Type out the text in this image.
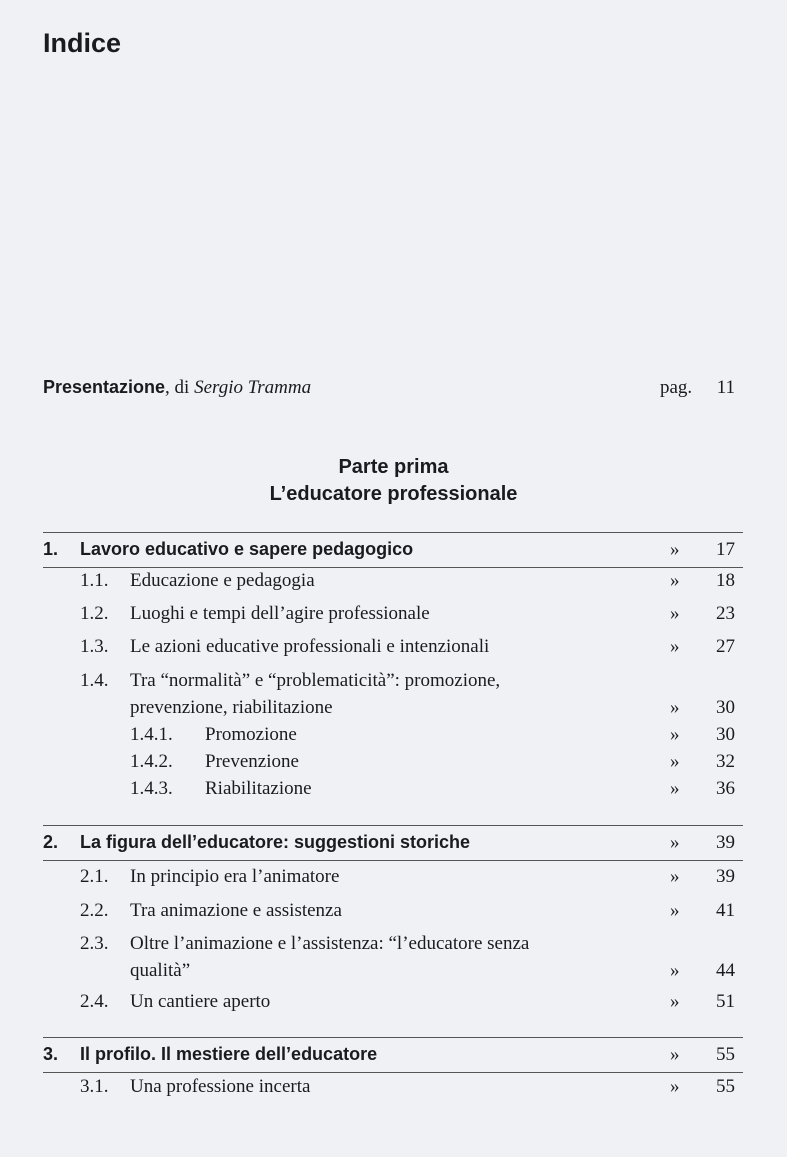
Indice
Presentazione, di Sergio Tramma	pag. 11
Parte prima
L’educatore professionale
1. Lavoro educativo e sapere pedagogico	» 17
1.1. Educazione e pedagogia	» 18
1.2. Luoghi e tempi dell’agire professionale	» 23
1.3. Le azioni educative professionali e intenzionali	» 27
1.4. Tra “normalità” e “problematicità”: promozione,
prevenzione, riabilitazione	» 30
1.4.1. Promozione	» 30
1.4.2. Prevenzione	» 32
1.4.3. Riabilitazione	» 36
2. La figura dell’educatore: suggestioni storiche	» 39
2.1. In principio era l’animatore	» 39
2.2. Tra animazione e assistenza	» 41
2.3. Oltre l’animazione e l’assistenza: “l’educatore senza
qualità”	» 44
2.4. Un cantiere aperto	» 51
3. Il profilo. Il mestiere dell’educatore	» 55
3.1. Una professione incerta	» 55
